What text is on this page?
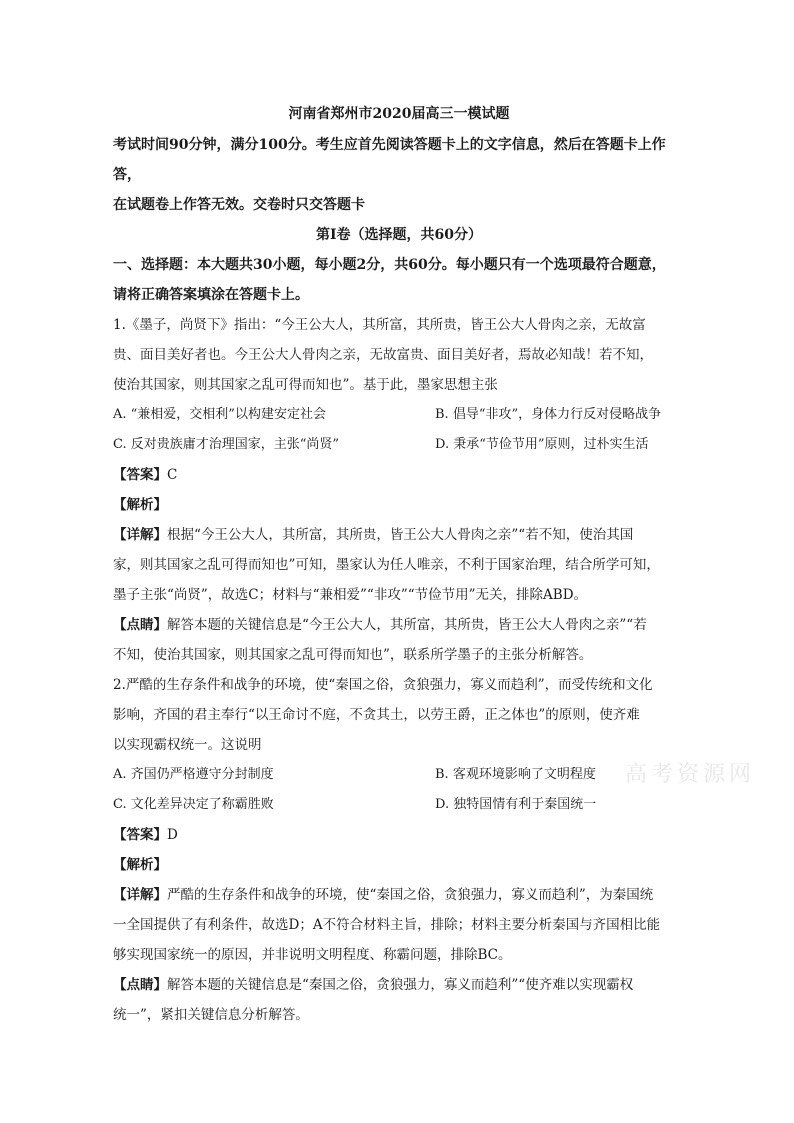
河南省郑州市2020届高三一模试题
考试时间90分钟，满分100分。考生应首先阅读答题卡上的文字信息，然后在答题卡上作答，
在试题卷上作答无效。交卷时只交答题卡
第Ⅰ卷（选择题，共60分）
一、选择题：本大题共30小题，每小题2分，共60分。每小题只有一个选项最符合题意，
请将正确答案填涂在答题卡上。

1.《墨子，尚贤下》指出：“今王公大人，其所富，其所贵，皆王公大人骨肉之亲，无故富

贵、面目美好者也。今王公大人骨肉之亲，无故富贵、面目美好者，焉故必知哉！若不知，

使治其国家，则其国家之乱可得而知也”。基于此，墨家思想主张

A. “兼相爱，交相利”以构建安定社会	B. 倡导“非攻”，身体力行反对侵略战争
C. 反对贵族庸才治理国家，主张“尚贤”	D. 秉承“节俭节用”原则，过朴实生活

【答案】C

【解析】

【详解】根据“今王公大人，其所富，其所贵，皆王公大人骨肉之亲”“若不知，使治其国

家，则其国家之乱可得而知也”可知，墨家认为任人唯亲，不利于国家治理，结合所学可知，

墨子主张“尚贤”，故选C；材料与“兼相爱”“非攻”“节俭节用”无关，排除ABD。

【点睛】解答本题的关键信息是“今王公大人，其所富，其所贵，皆王公大人骨肉之亲”“若

不知，使治其国家，则其国家之乱可得而知也”，联系所学墨子的主张分析解答。

2.严酷的生存条件和战争的环境，使“秦国之俗，贪狼强力，寡义而趋利”，而受传统和文化

影响，齐国的君主奉行“以王命讨不庭，不贪其土，以劳王爵，正之体也”的原则，使齐难

以实现霸权统一。这说明

A. 齐国仍严格遵守分封制度	B. 客观环境影响了文明程度
C. 文化差异决定了称霸胜败	D. 独特国情有利于秦国统一

【答案】D

【解析】

【详解】严酷的生存条件和战争的环境，使“秦国之俗，贪狼强力，寡义而趋利”，为秦国统

一全国提供了有利条件，故选D；A不符合材料主旨，排除；材料主要分析秦国与齐国相比能

够实现国家统一的原因，并非说明文明程度、称霸问题，排除BC。

【点睛】解答本题的关键信息是“秦国之俗，贪狼强力，寡义而趋利”“使齐难以实现霸权

统一”，紧扣关键信息分析解答。

高考资源网
